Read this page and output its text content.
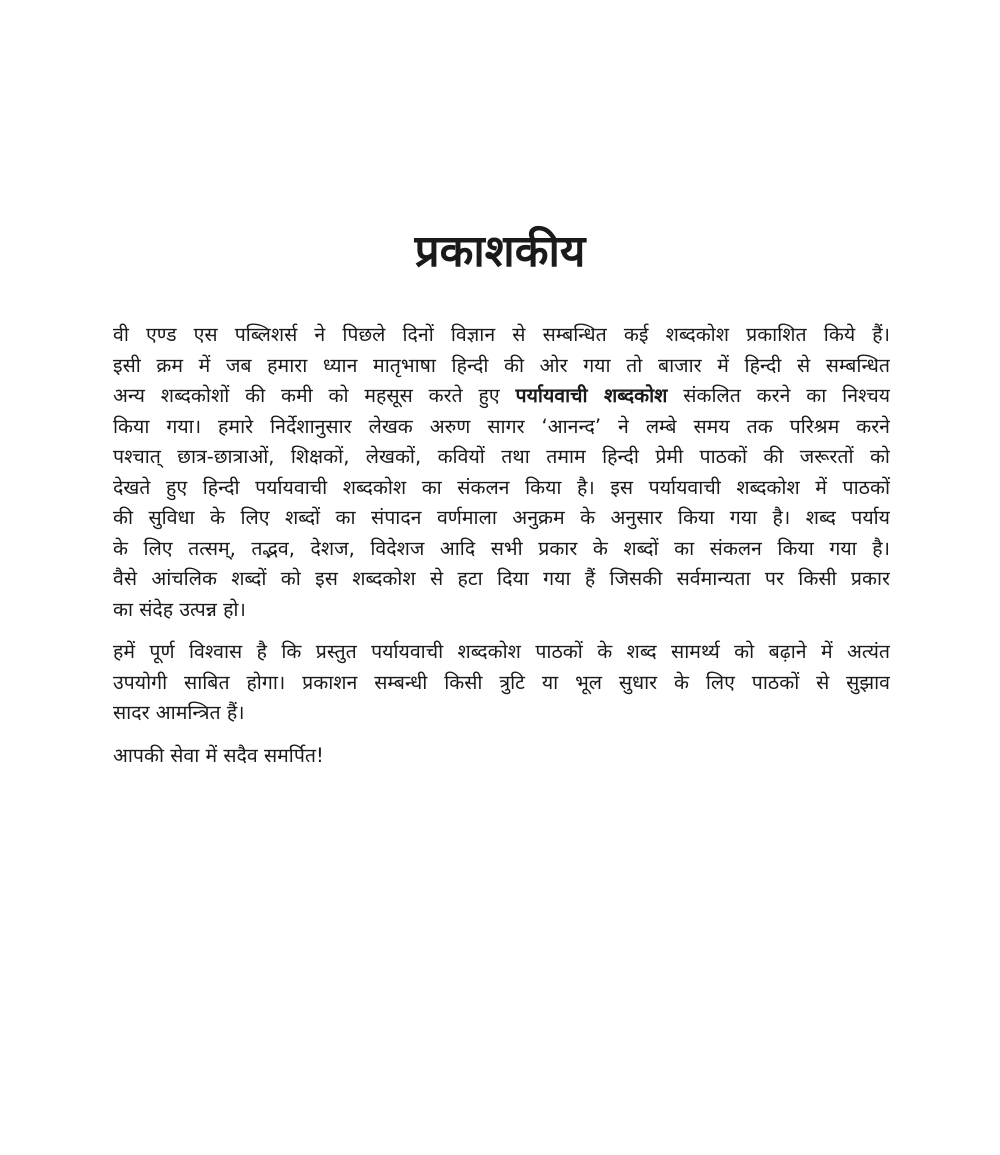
प्रकाशकीय

वी एण्ड एस पब्लिशर्स ने पिछले दिनों विज्ञान से सम्बन्धित कई शब्दकोश प्रकाशित किये हैं।
इसी क्रम में जब हमारा ध्यान मातृभाषा हिन्दी की ओर गया तो बाजार में हिन्दी से सम्बन्धित
अन्य शब्दकोशों की कमी को महसूस करते हुए पर्यायवाची शब्दकोश संकलित करने का निश्चय
किया गया। हमारे निर्देशानुसार लेखक अरुण सागर ‘आनन्द’ ने लम्बे समय तक परिश्रम करने
पश्चात् छात्र-छात्राओं, शिक्षकों, लेखकों, कवियों तथा तमाम हिन्दी प्रेमी पाठकों की जरूरतों को
देखते हुए हिन्दी पर्यायवाची शब्दकोश का संकलन किया है। इस पर्यायवाची शब्दकोश में पाठकों
की सुविधा के लिए शब्दों का संपादन वर्णमाला अनुक्रम के अनुसार किया गया है। शब्द पर्याय
के लिए तत्सम्, तद्भव, देशज, विदेशज आदि सभी प्रकार के शब्दों का संकलन किया गया है।
वैसे आंचलिक शब्दों को इस शब्दकोश से हटा दिया गया हैं जिसकी सर्वमान्यता पर किसी प्रकार
का संदेह उत्पन्न हो।

हमें पूर्ण विश्वास है कि प्रस्तुत पर्यायवाची शब्दकोश पाठकों के शब्द सामर्थ्य को बढ़ाने में अत्यंत
उपयोगी साबित होगा। प्रकाशन सम्बन्धी किसी त्रुटि या भूल सुधार के लिए पाठकों से सुझाव
सादर आमन्त्रित हैं।

आपकी सेवा में सदैव समर्पित!
